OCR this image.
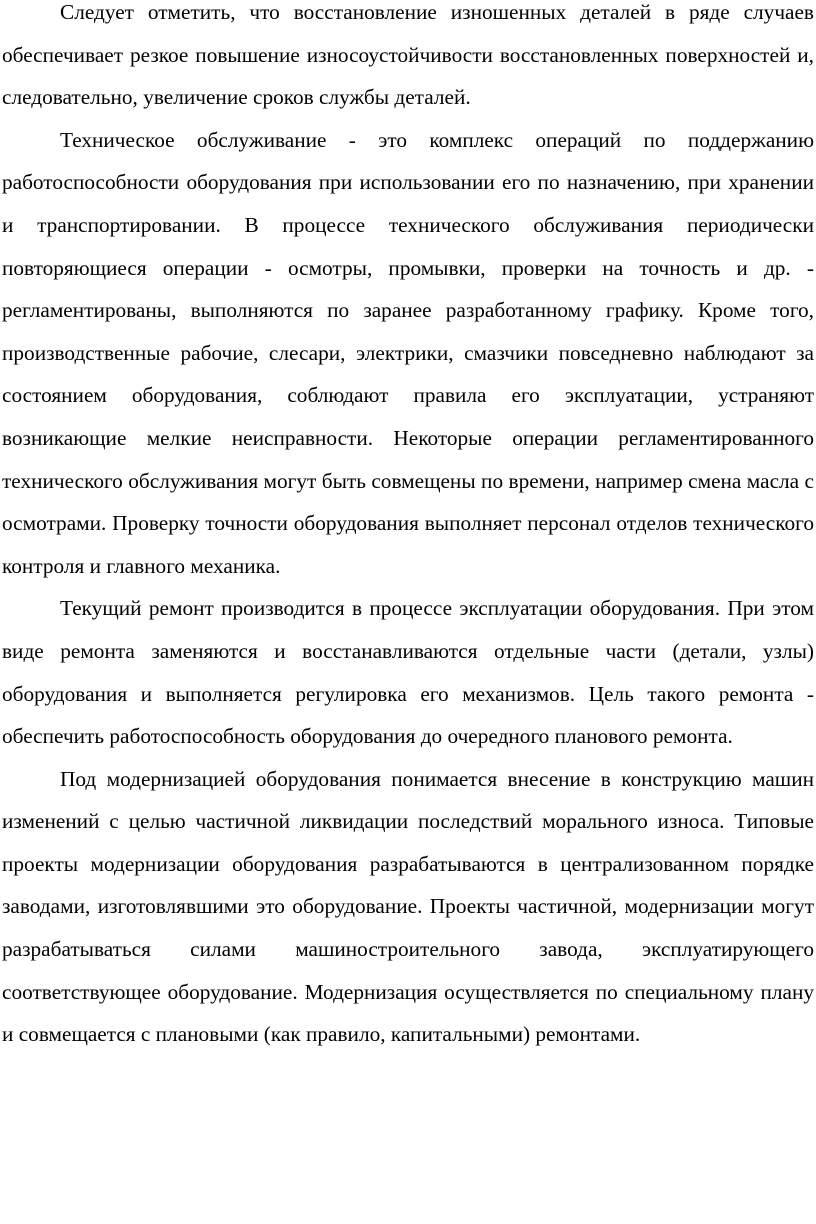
Следует отметить, что восстановление изношенных деталей в ряде случаев обеспечивает резкое повышение износоустойчивости восстановленных поверхностей и, следовательно, увеличение сроков службы деталей.

Техническое обслуживание - это комплекс операций по поддержанию работоспособности оборудования при использовании его по назначению, при хранении и транспортировании. В процессе технического обслуживания периодически повторяющиеся операции - осмотры, промывки, проверки на точность и др. - регламентированы, выполняются по заранее разработанному графику. Кроме того, производственные рабочие, слесари, электрики, смазчики повседневно наблюдают за состоянием оборудования, соблюдают правила его эксплуатации, устраняют возникающие мелкие неисправности. Некоторые операции регламентированного технического обслуживания могут быть совмещены по времени, например смена масла с осмотрами. Проверку точности оборудования выполняет персонал отделов технического контроля и главного механика.

Текущий ремонт производится в процессе эксплуатации оборудования. При этом виде ремонта заменяются и восстанавливаются отдельные части (детали, узлы) оборудования и выполняется регулировка его механизмов. Цель такого ремонта - обеспечить работоспособность оборудования до очередного планового ремонта.

Под модернизацией оборудования понимается внесение в конструкцию машин изменений с целью частичной ликвидации последствий морального износа. Типовые проекты модернизации оборудования разрабатываются в централизованном порядке заводами, изготовлявшими это оборудование. Проекты частичной, модернизации могут разрабатываться силами машиностроительного завода, эксплуатирующего соответствующее оборудование. Модернизация осуществляется по специальному плану и совмещается с плановыми (как правило, капитальными) ремонтами.
